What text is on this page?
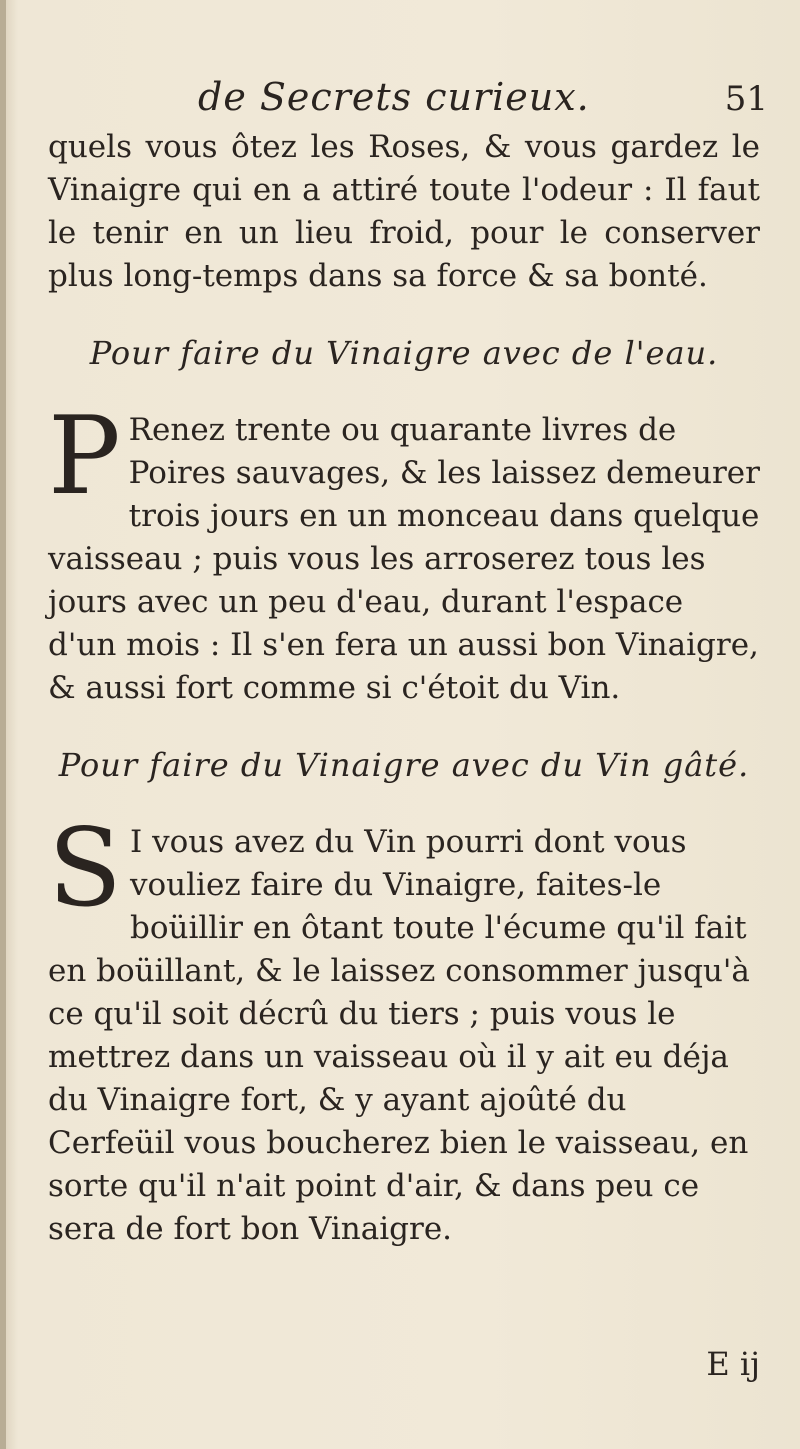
de Secrets curieux.	51

quels vous ôtez les Roses, & vous gardez le Vinaigre qui en a attiré toute l'odeur : Il faut le tenir en un lieu froid, pour le conserver plus long-temps dans sa force & sa bonté.

Pour faire du Vinaigre avec de l'eau.

P Renez trente ou quarante livres de Poires sauvages, & les laissez demeurer trois jours en un monceau dans quelque vaisseau ; puis vous les arroserez tous les jours avec un peu d'eau, durant l'espace d'un mois : Il s'en fera un aussi bon Vinaigre, & aussi fort comme si c'étoit du Vin.

Pour faire du Vinaigre avec du Vin gâté.

S I vous avez du Vin pourri dont vous vouliez faire du Vinaigre, faites-le boüillir en ôtant toute l'écume qu'il fait en boüillant, & le laissez consommer jusqu'à ce qu'il soit décrû du tiers ; puis vous le mettrez dans un vaisseau où il y ait eu déja du Vinaigre fort, & y ayant ajoûté du Cerfeüil vous boucherez bien le vaisseau, en sorte qu'il n'ait point d'air, & dans peu ce sera de fort bon Vinaigre.

E ij
